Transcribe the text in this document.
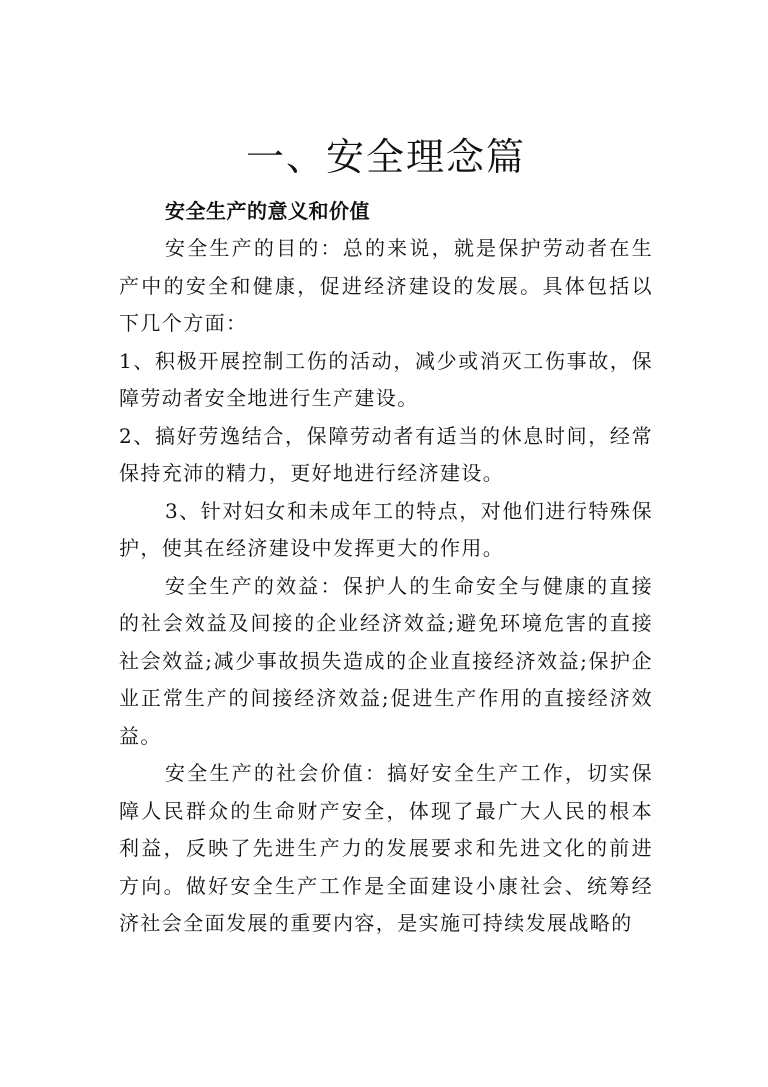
一、安全理念篇

安全生产的意义和价值

安全生产的目的：总的来说，就是保护劳动者在生产中的安全和健康，促进经济建设的发展。具体包括以下几个方面：

1、积极开展控制工伤的活动，减少或消灭工伤事故，保障劳动者安全地进行生产建设。

2、搞好劳逸结合，保障劳动者有适当的休息时间，经常保持充沛的精力，更好地进行经济建设。

3、针对妇女和未成年工的特点，对他们进行特殊保护，使其在经济建设中发挥更大的作用。

安全生产的效益：保护人的生命安全与健康的直接的社会效益及间接的企业经济效益;避免环境危害的直接社会效益;减少事故损失造成的企业直接经济效益;保护企业正常生产的间接经济效益;促进生产作用的直接经济效益。

安全生产的社会价值：搞好安全生产工作，切实保障人民群众的生命财产安全，体现了最广大人民的根本利益，反映了先进生产力的发展要求和先进文化的前进方向。做好安全生产工作是全面建设小康社会、统筹经济社会全面发展的重要内容，是实施可持续发展战略的
